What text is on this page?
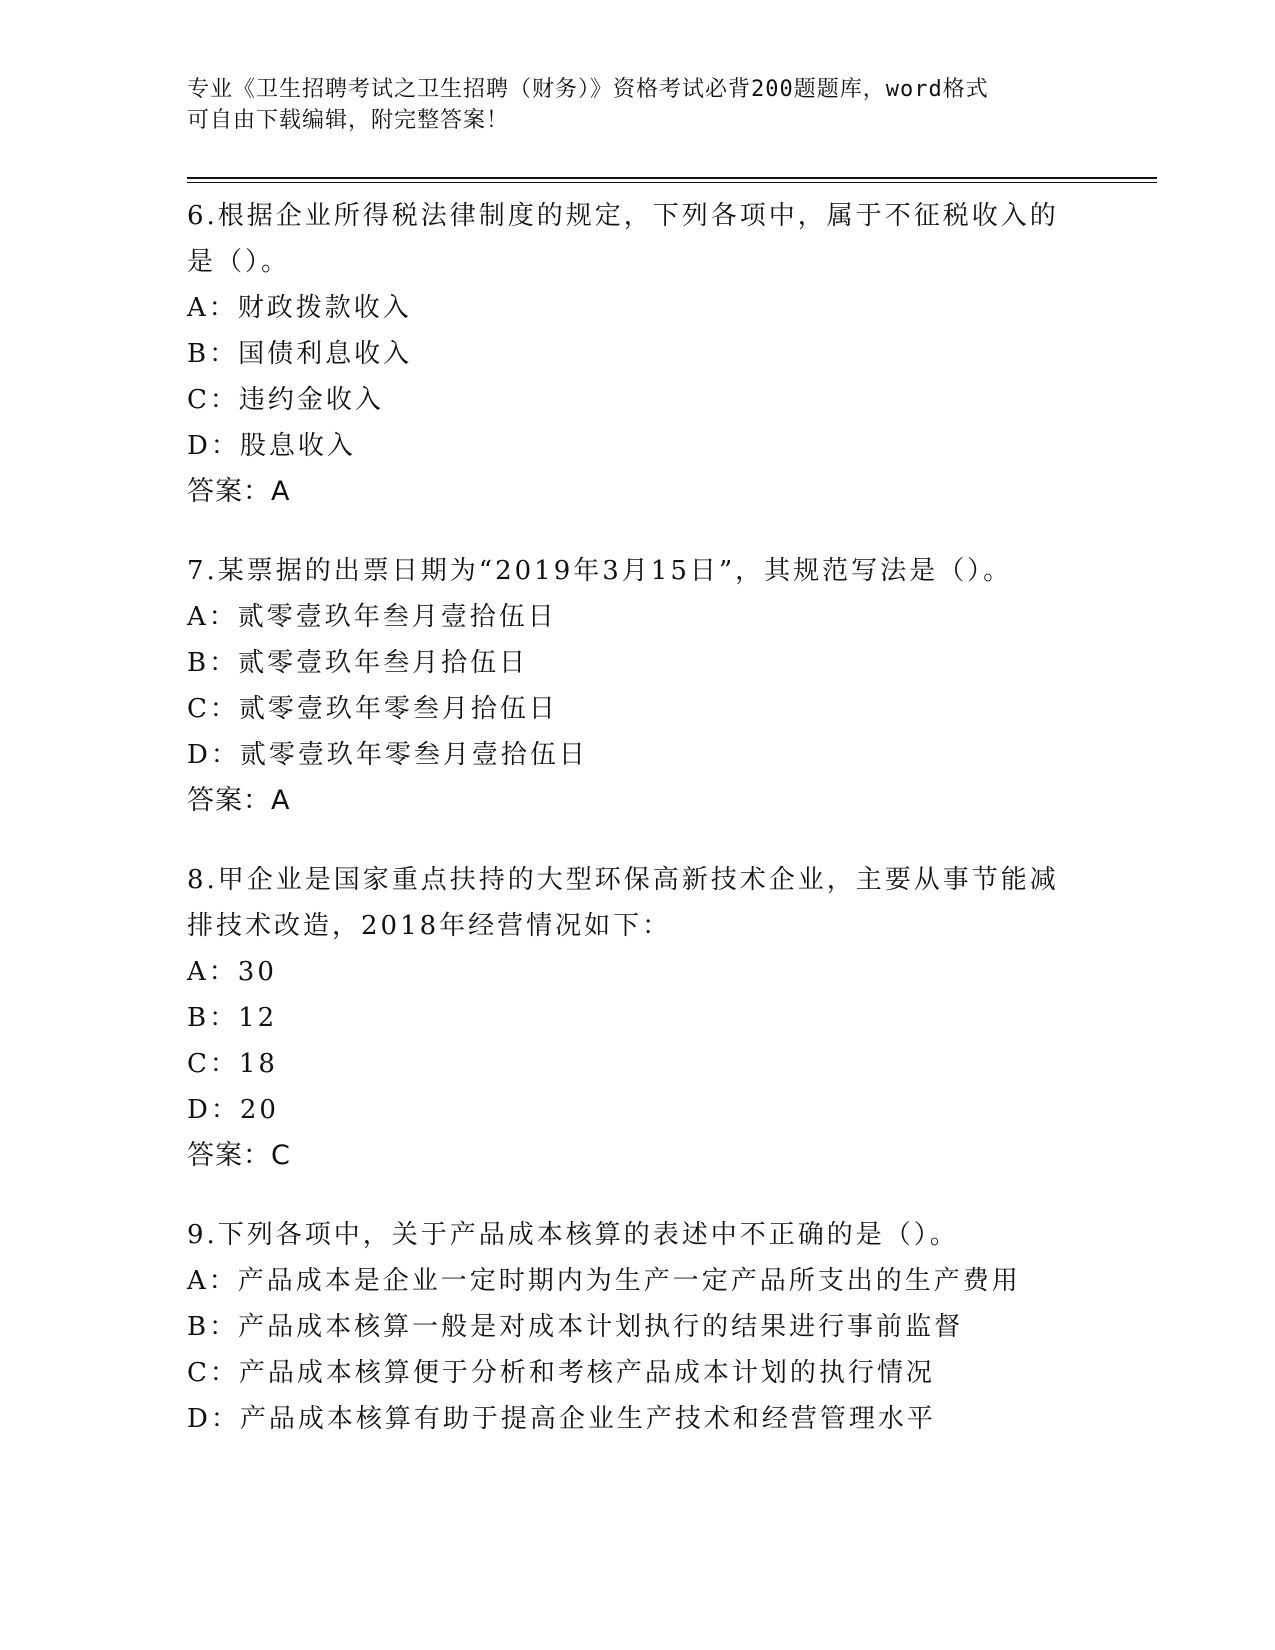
专业《卫生招聘考试之卫生招聘（财务）》资格考试必背200题题库，word格式
可自由下载编辑，附完整答案！
6.根据企业所得税法律制度的规定，下列各项中，属于不征税收入的
是（）。
A：财政拨款收入
B：国债利息收入
C：违约金收入
D：股息收入
答案：A
7.某票据的出票日期为“2019年3月15日”，其规范写法是（）。
A：贰零壹玖年叁月壹拾伍日
B：贰零壹玖年叁月拾伍日
C：贰零壹玖年零叁月拾伍日
D：贰零壹玖年零叁月壹拾伍日
答案：A
8.甲企业是国家重点扶持的大型环保高新技术企业，主要从事节能减
排技术改造，2018年经营情况如下：
A：30
B：12
C：18
D：20
答案：C
9.下列各项中，关于产品成本核算的表述中不正确的是（）。
A：产品成本是企业一定时期内为生产一定产品所支出的生产费用
B：产品成本核算一般是对成本计划执行的结果进行事前监督
C：产品成本核算便于分析和考核产品成本计划的执行情况
D：产品成本核算有助于提高企业生产技术和经营管理水平
